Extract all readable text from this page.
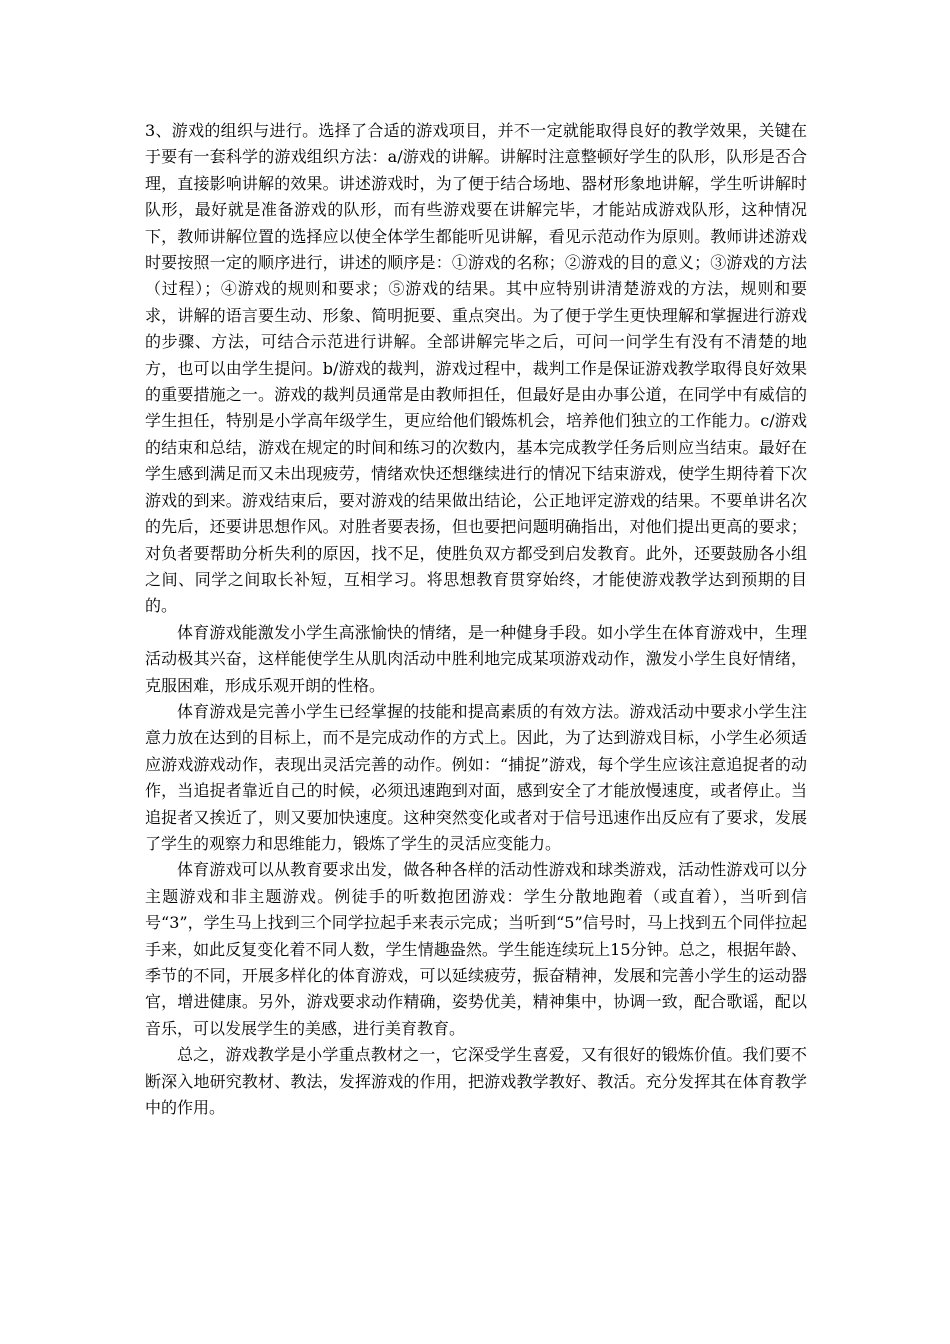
3、游戏的组织与进行。选择了合适的游戏项目，并不一定就能取得良好的教学效果，关键在于要有一套科学的游戏组织方法：a/游戏的讲解。讲解时注意整顿好学生的队形，队形是否合理，直接影响讲解的效果。讲述游戏时，为了便于结合场地、器材形象地讲解，学生听讲解时队形，最好就是准备游戏的队形，而有些游戏要在讲解完毕，才能站成游戏队形，这种情况下，教师讲解位置的选择应以使全体学生都能听见讲解，看见示范动作为原则。教师讲述游戏时要按照一定的顺序进行，讲述的顺序是：①游戏的名称；②游戏的目的意义；③游戏的方法（过程）；④游戏的规则和要求；⑤游戏的结果。其中应特别讲清楚游戏的方法，规则和要求，讲解的语言要生动、形象、简明扼要、重点突出。为了便于学生更快理解和掌握进行游戏的步骤、方法，可结合示范进行讲解。全部讲解完毕之后，可问一问学生有没有不清楚的地方，也可以由学生提问。b/游戏的裁判，游戏过程中，裁判工作是保证游戏教学取得良好效果的重要措施之一。游戏的裁判员通常是由教师担任，但最好是由办事公道，在同学中有威信的学生担任，特别是小学高年级学生，更应给他们锻炼机会，培养他们独立的工作能力。c/游戏的结束和总结，游戏在规定的时间和练习的次数内，基本完成教学任务后则应当结束。最好在学生感到满足而又未出现疲劳，情绪欢快还想继续进行的情况下结束游戏，使学生期待着下次游戏的到来。游戏结束后，要对游戏的结果做出结论，公正地评定游戏的结果。不要单讲名次的先后，还要讲思想作风。对胜者要表扬，但也要把问题明确指出，对他们提出更高的要求；对负者要帮助分析失利的原因，找不足，使胜负双方都受到启发教育。此外，还要鼓励各小组之间、同学之间取长补短，互相学习。将思想教育贯穿始终，才能使游戏教学达到预期的目的。

体育游戏能激发小学生高涨愉快的情绪，是一种健身手段。如小学生在体育游戏中，生理活动极其兴奋，这样能使学生从肌肉活动中胜利地完成某项游戏动作，激发小学生良好情绪，克服困难，形成乐观开朗的性格。

体育游戏是完善小学生已经掌握的技能和提高素质的有效方法。游戏活动中要求小学生注意力放在达到的目标上，而不是完成动作的方式上。因此，为了达到游戏目标，小学生必须适应游戏游戏动作，表现出灵活完善的动作。例如：“捕捉”游戏，每个学生应该注意追捉者的动作，当追捉者靠近自己的时候，必须迅速跑到对面，感到安全了才能放慢速度，或者停止。当追捉者又挨近了，则又要加快速度。这种突然变化或者对于信号迅速作出反应有了要求，发展了学生的观察力和思维能力，锻炼了学生的灵活应变能力。

体育游戏可以从教育要求出发，做各种各样的活动性游戏和球类游戏，活动性游戏可以分主题游戏和非主题游戏。例徒手的听数抱团游戏：学生分散地跑着（或直着），当听到信号“3”，学生马上找到三个同学拉起手来表示完成；当听到“5”信号时，马上找到五个同伴拉起手来，如此反复变化着不同人数，学生情趣盎然。学生能连续玩上15分钟。总之，根据年龄、季节的不同，开展多样化的体育游戏，可以延续疲劳，振奋精神，发展和完善小学生的运动器官，增进健康。另外，游戏要求动作精确，姿势优美，精神集中，协调一致，配合歌谣，配以音乐，可以发展学生的美感，进行美育教育。

总之，游戏教学是小学重点教材之一，它深受学生喜爱，又有很好的锻炼价值。我们要不断深入地研究教材、教法，发挥游戏的作用，把游戏教学教好、教活。充分发挥其在体育教学中的作用。
